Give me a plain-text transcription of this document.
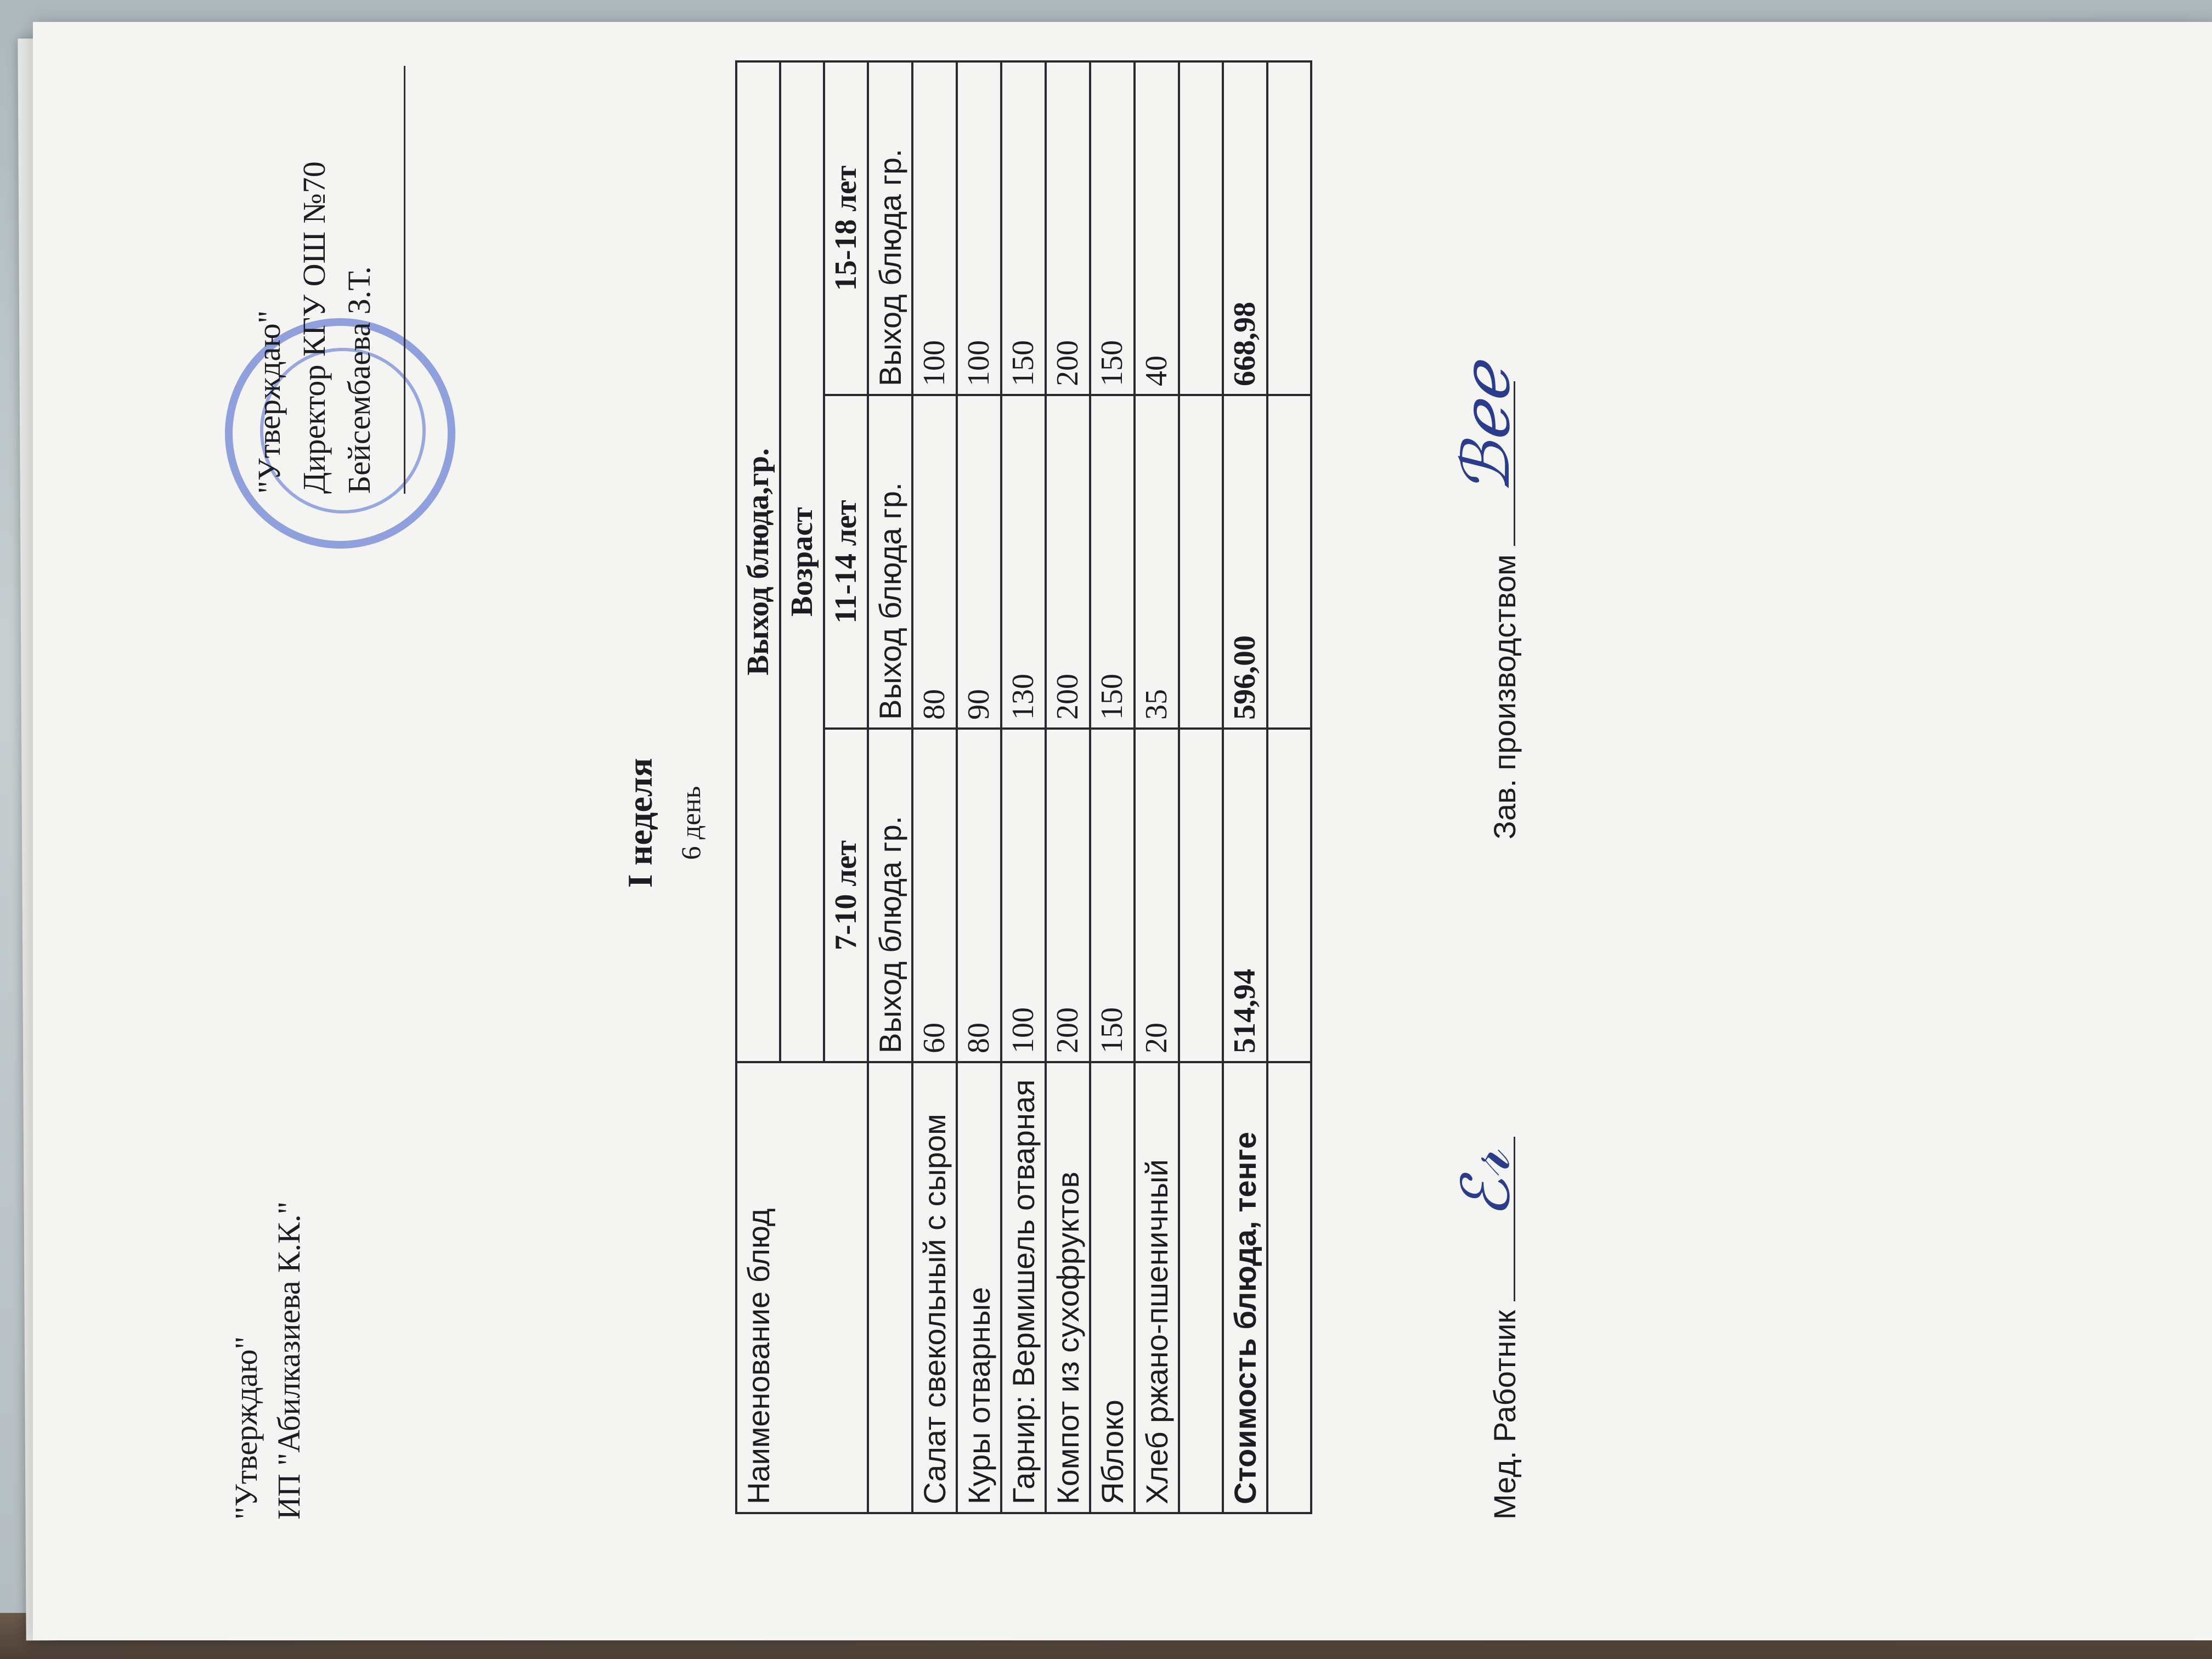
"Утверждаю" ИП "Абилказиева К.К."
"Утверждаю" Директор КГУ ОШ №70 Бейсембаева З.Т.
I неделя 6 день
Наименование блюд	Выход блюда,гр.		
	Возраст		
	7-10 лет	11-14 лет	15-18 лет
	Выход блюда гр.	Выход блюда гр.	Выход блюда гр.
Салат свекольный с сыром	60	80	100
Куры отварные	80	90	100
Гарнир: Вермишель отварная	100	130	150
Компот из сухофруктов	200	200	200
Яблоко	150	150	150
Хлеб ржано-пшеничный	20	35	40

Стоимость блюда, тенге	514,94	596,00	668,98

Мед. Работник
ℰ𝓇
Зав. производством
ℬℯℯ
